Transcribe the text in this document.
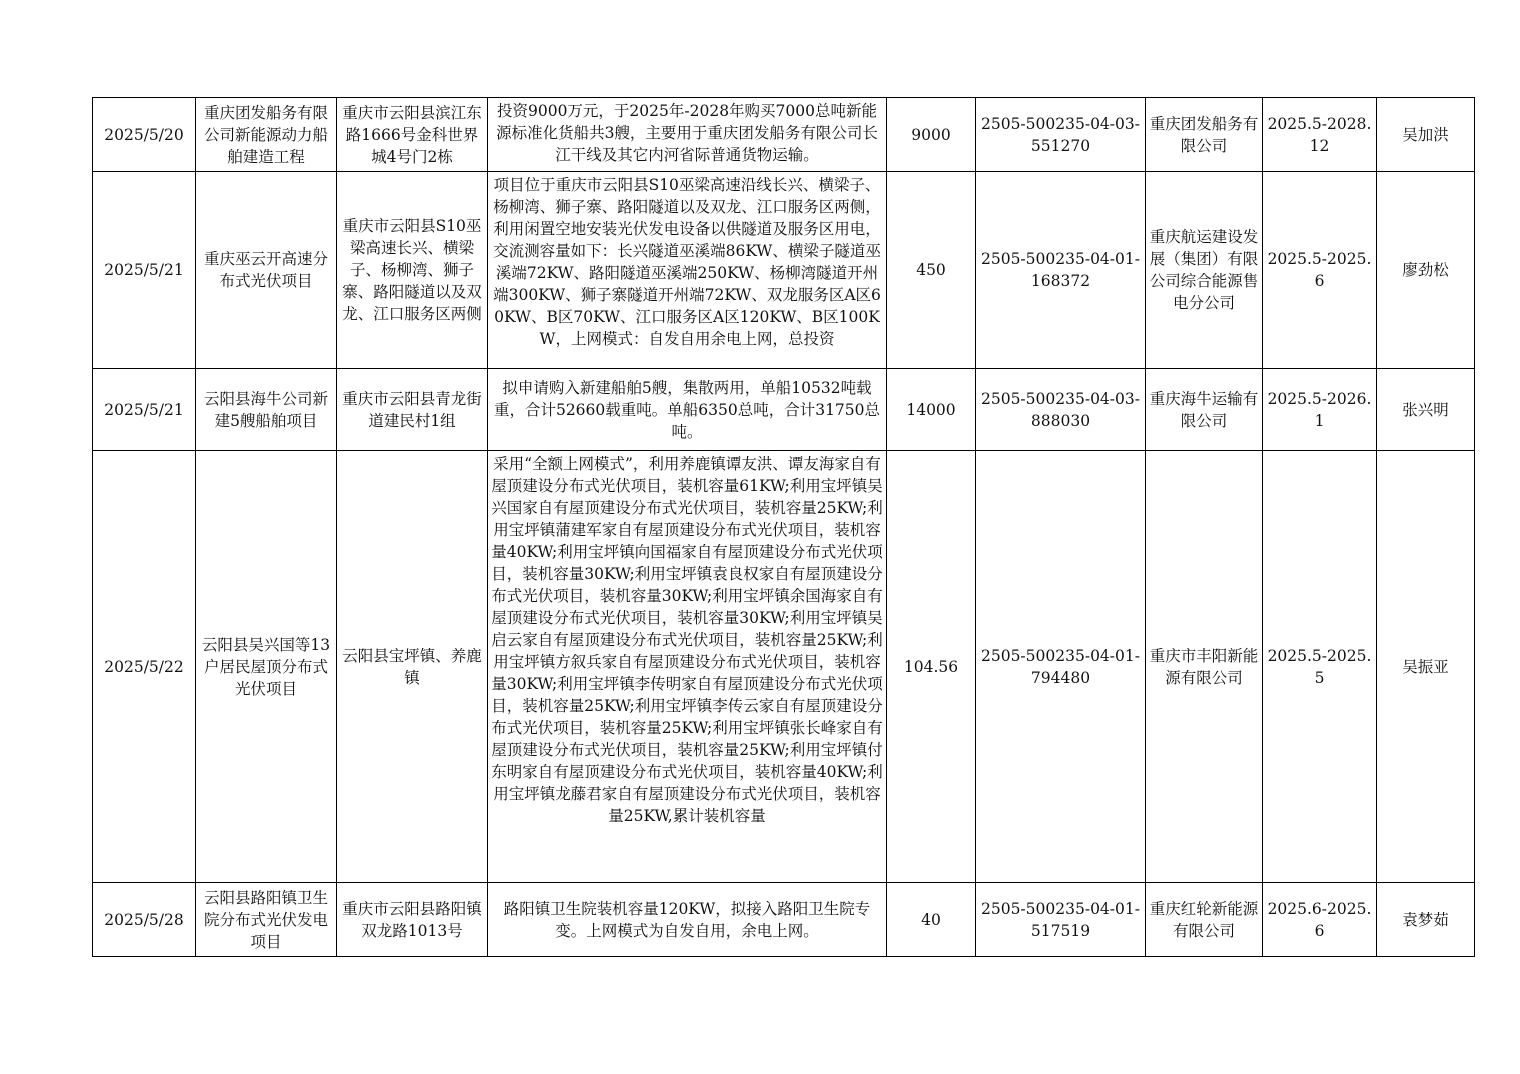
2025/5/20	重庆团发船务有限公司新能源动力船舶建造工程	重庆市云阳县滨江东路1666号金科世界城4号门2栋	投资9000万元，于2025年-2028年购买7000总吨新能源标准化货船共3艘，主要用于重庆团发船务有限公司长江干线及其它内河省际普通货物运输。	9000	2505-500235-04-03-551270	重庆团发船务有限公司	2025.5-2028.12	吴加洪

2025/5/21	重庆巫云开高速分布式光伏项目	重庆市云阳县S10巫梁高速长兴、横梁子、杨柳湾、狮子寨、路阳隧道以及双龙、江口服务区两侧	项目位于重庆市云阳县S10巫梁高速沿线长兴、横梁子、杨柳湾、狮子寨、路阳隧道以及双龙、江口服务区两侧，利用闲置空地安装光伏发电设备以供隧道及服务区用电，交流测容量如下：长兴隧道巫溪端86KW、横梁子隧道巫溪端72KW、路阳隧道巫溪端250KW、杨柳湾隧道开州端300KW、狮子寨隧道开州端72KW、双龙服务区A区60KW、B区70KW、江口服务区A区120KW、B区100KW，上网模式：自发自用余电上网，总投资	450	2505-500235-04-01-168372	重庆航运建设发展（集团）有限公司综合能源售电分公司	2025.5-2025.6	廖劲松

2025/5/21	云阳县海牛公司新建5艘船舶项目	重庆市云阳县青龙街道建民村1组	拟申请购入新建船舶5艘，集散两用，单船10532吨载重，合计52660载重吨。单船6350总吨，合计31750总吨。	14000	2505-500235-04-03-888030	重庆海牛运输有限公司	2025.5-2026.1	张兴明

2025/5/22	云阳县吴兴国等13户居民屋顶分布式光伏项目	云阳县宝坪镇、养鹿镇	采用“全额上网模式”，利用养鹿镇谭友洪、谭友海家自有屋顶建设分布式光伏项目，装机容量61KW;利用宝坪镇吴兴国家自有屋顶建设分布式光伏项目，装机容量25KW;利用宝坪镇蒲建军家自有屋顶建设分布式光伏项目，装机容量40KW;利用宝坪镇向国福家自有屋顶建设分布式光伏项目，装机容量30KW;利用宝坪镇袁良权家自有屋顶建设分布式光伏项目，装机容量30KW;利用宝坪镇余国海家自有屋顶建设分布式光伏项目，装机容量30KW;利用宝坪镇吴启云家自有屋顶建设分布式光伏项目，装机容量25KW;利用宝坪镇方叙兵家自有屋顶建设分布式光伏项目，装机容量30KW;利用宝坪镇李传明家自有屋顶建设分布式光伏项目，装机容量25KW;利用宝坪镇李传云家自有屋顶建设分布式光伏项目，装机容量25KW;利用宝坪镇张长峰家自有屋顶建设分布式光伏项目，装机容量25KW;利用宝坪镇付东明家自有屋顶建设分布式光伏项目，装机容量40KW;利用宝坪镇龙藤君家自有屋顶建设分布式光伏项目，装机容量25KW,累计装机容量	104.56	2505-500235-04-01-794480	重庆市丰阳新能源有限公司	2025.5-2025.5	吴振亚

2025/5/28	云阳县路阳镇卫生院分布式光伏发电项目	重庆市云阳县路阳镇双龙路1013号	路阳镇卫生院装机容量120KW，拟接入路阳卫生院专变。上网模式为自发自用，余电上网。	40	2505-500235-04-01-517519	重庆红轮新能源有限公司	2025.6-2025.6	袁梦茹
